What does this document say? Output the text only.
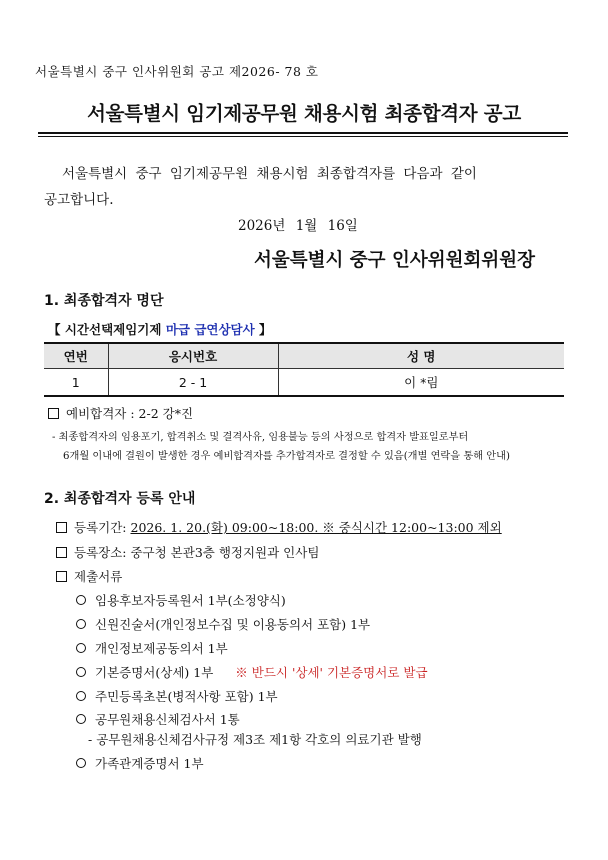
서울특별시 중구 인사위원회 공고 제2026- 78 호
서울특별시 임기제공무원 채용시험 최종합격자 공고
서울특별시 중구 임기제공무원 채용시험 최종합격자를 다음과 같이
공고합니다.
2026년 1월 16일
서울특별시 중구 인사위원회위원장
1. 최종합격자 명단
【 시간선택제임기제 마급 급연상담사 】
연번	응시번호	성 명
1	2 - 1	이 *림
예비합격자 : 2-2 강*진
- 최종합격자의 임용포기, 합격취소 및 결격사유, 임용불능 등의 사정으로 합격자 발표일로부터
6개월 이내에 결원이 발생한 경우 예비합격자를 추가합격자로 결정할 수 있음(개별 연락을 통해 안내)
2. 최종합격자 등록 안내
등록기간: 2026. 1. 20.(화) 09:00~18:00. ※ 중식시간 12:00~13:00 제외
등록장소: 중구청 본관3층 행정지원과 인사팀
제출서류
임용후보자등록원서 1부(소정양식)
신원진술서(개인정보수집 및 이용동의서 포함) 1부
개인정보제공동의서 1부
기본증명서(상세) 1부 ※ 반드시 '상세' 기본증명서로 발급
주민등록초본(병적사항 포함) 1부
공무원채용신체검사서 1통
- 공무원채용신체검사규정 제3조 제1항 각호의 의료기관 발행
가족관계증명서 1부
